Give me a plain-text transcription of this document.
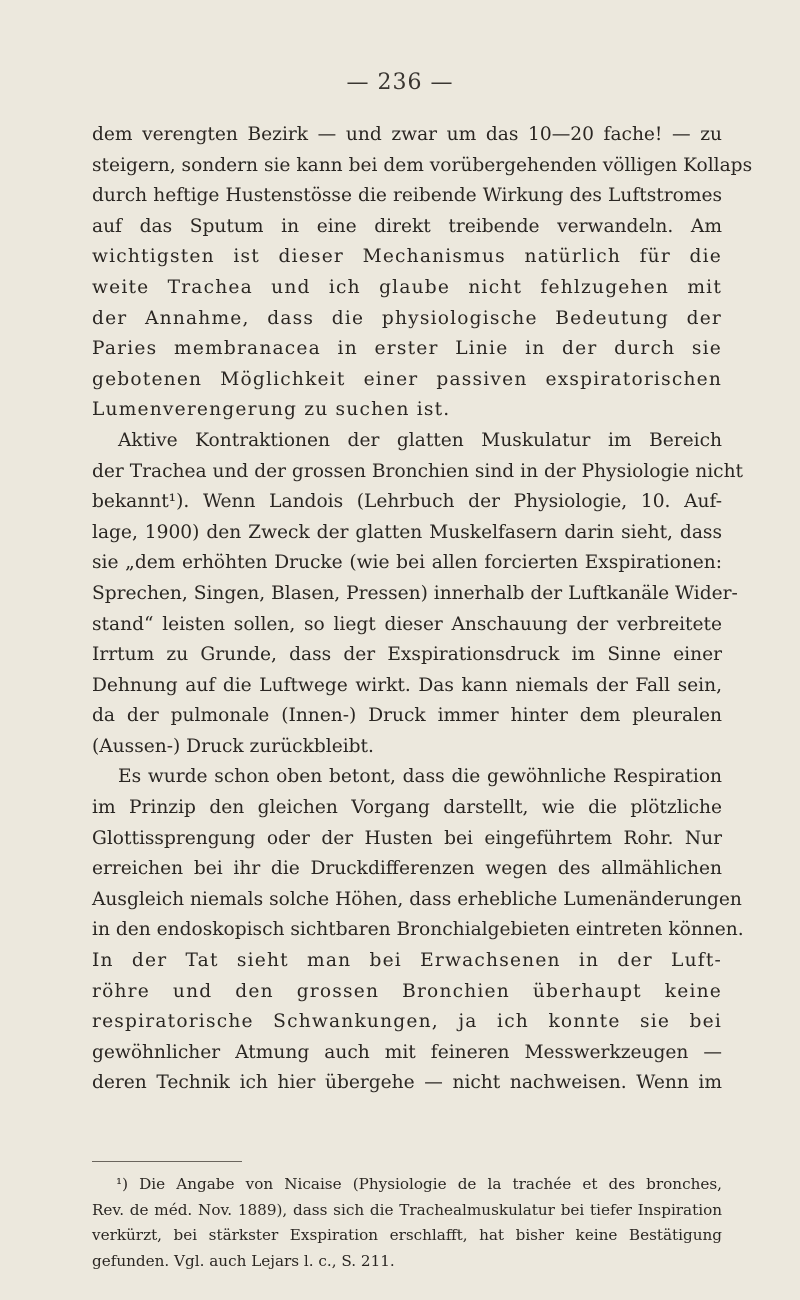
— 236 —
dem verengten Bezirk — und zwar um das 10—20 fache! — zu
steigern, sondern sie kann bei dem vorübergehenden völligen Kollaps
durch heftige Hustenstösse die reibende Wirkung des Luftstromes
auf das Sputum in eine direkt treibende verwandeln. Am
wichtigsten ist dieser Mechanismus natürlich für die
weite Trachea und ich glaube nicht fehlzugehen mit
der Annahme, dass die physiologische Bedeutung der
Paries membranacea in erster Linie in der durch sie
gebotenen Möglichkeit einer passiven exspiratorischen
Lumenverengerung zu suchen ist.
Aktive Kontraktionen der glatten Muskulatur im Bereich
der Trachea und der grossen Bronchien sind in der Physiologie nicht
bekannt¹). Wenn Landois (Lehrbuch der Physiologie, 10. Auf-
lage, 1900) den Zweck der glatten Muskelfasern darin sieht, dass
sie „dem erhöhten Drucke (wie bei allen forcierten Exspirationen:
Sprechen, Singen, Blasen, Pressen) innerhalb der Luftkanäle Wider-
stand“ leisten sollen, so liegt dieser Anschauung der verbreitete
Irrtum zu Grunde, dass der Exspirationsdruck im Sinne einer
Dehnung auf die Luftwege wirkt. Das kann niemals der Fall sein,
da der pulmonale (Innen-) Druck immer hinter dem pleuralen
(Aussen-) Druck zurückbleibt.
Es wurde schon oben betont, dass die gewöhnliche Respiration
im Prinzip den gleichen Vorgang darstellt, wie die plötzliche
Glottissprengung oder der Husten bei eingeführtem Rohr. Nur
erreichen bei ihr die Druckdifferenzen wegen des allmählichen
Ausgleich niemals solche Höhen, dass erhebliche Lumenänderungen
in den endoskopisch sichtbaren Bronchialgebieten eintreten können.
In der Tat sieht man bei Erwachsenen in der Luft-
röhre und den grossen Bronchien überhaupt keine
respiratorische Schwankungen, ja ich konnte sie bei
gewöhnlicher Atmung auch mit feineren Messwerkzeugen —
deren Technik ich hier übergehe — nicht nachweisen. Wenn im
¹) Die Angabe von Nicaise (Physiologie de la trachée et des bronches,
Rev. de méd. Nov. 1889), dass sich die Trachealmuskulatur bei tiefer Inspiration
verkürzt, bei stärkster Exspiration erschlafft, hat bisher keine Bestätigung
gefunden. Vgl. auch Lejars l. c., S. 211.
